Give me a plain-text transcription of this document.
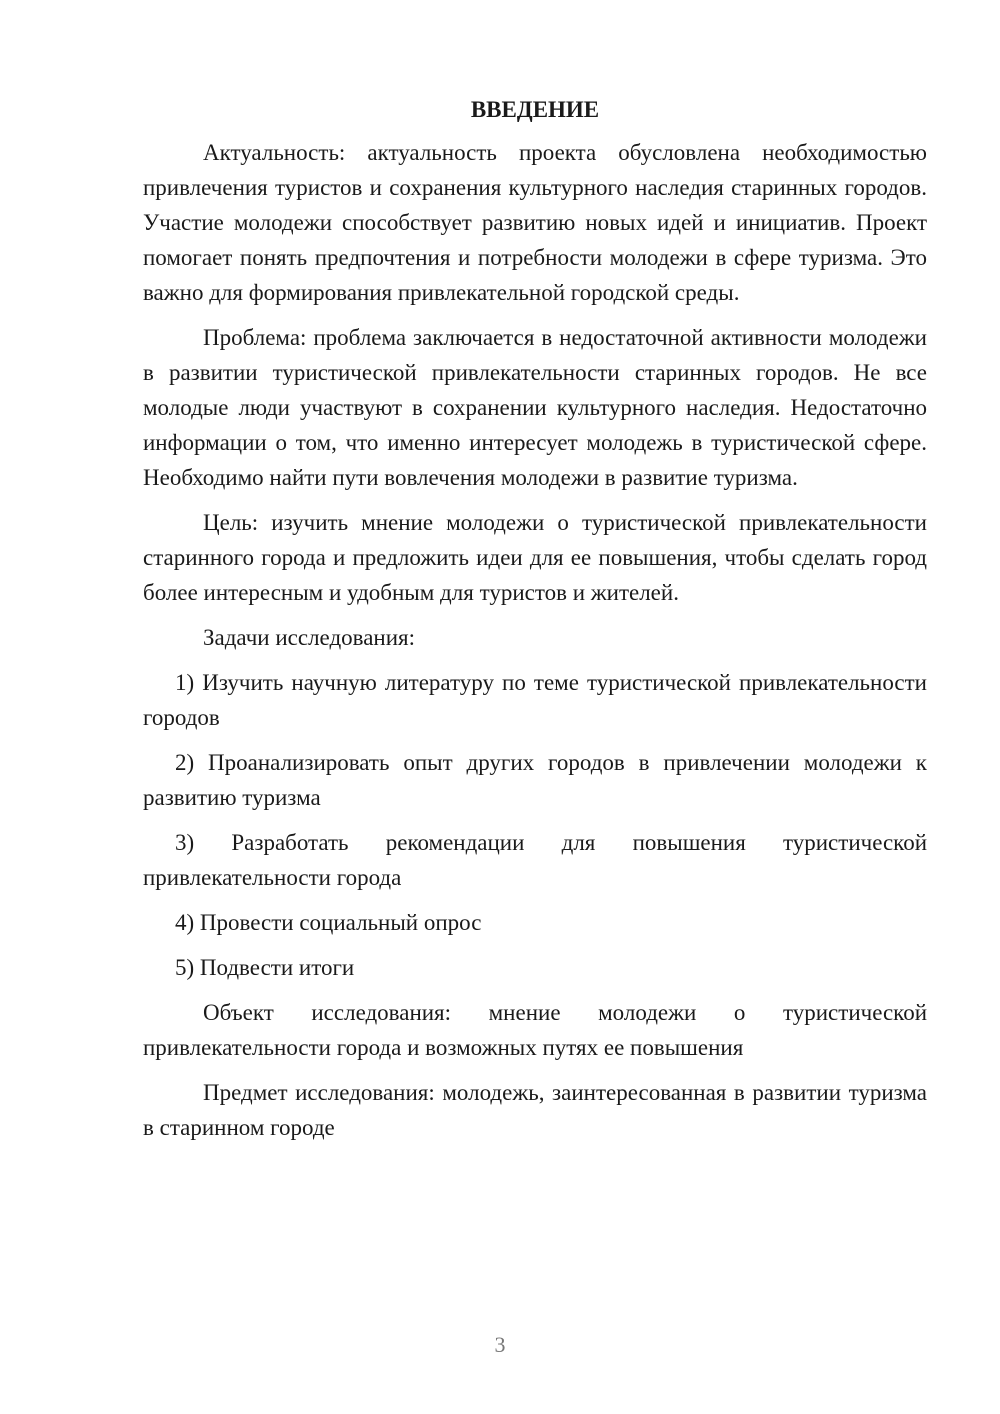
ВВЕДЕНИЕ

Актуальность: актуальность проекта обусловлена необходимостью привлечения туристов и сохранения культурного наследия старинных городов. Участие молодежи способствует развитию новых идей и инициатив. Проект помогает понять предпочтения и потребности молодежи в сфере туризма. Это важно для формирования привлекательной городской среды.

Проблема: проблема заключается в недостаточной активности молодежи в развитии туристической привлекательности старинных городов. Не все молодые люди участвуют в сохранении культурного наследия. Недостаточно информации о том, что именно интересует молодежь в туристической сфере. Необходимо найти пути вовлечения молодежи в развитие туризма.

Цель: изучить мнение молодежи о туристической привлекательности старинного города и предложить идеи для ее повышения, чтобы сделать город более интересным и удобным для туристов и жителей.

Задачи исследования:

1) Изучить научную литературу по теме туристической привлекательности городов

2) Проанализировать опыт других городов в привлечении молодежи к развитию туризма

3) Разработать рекомендации для повышения туристической привлекательности города

4) Провести социальный опрос

5) Подвести итоги

Объект исследования: мнение молодежи о туристической привлекательности города и возможных путях ее повышения

Предмет исследования: молодежь, заинтересованная в развитии туризма в старинном городе

3
